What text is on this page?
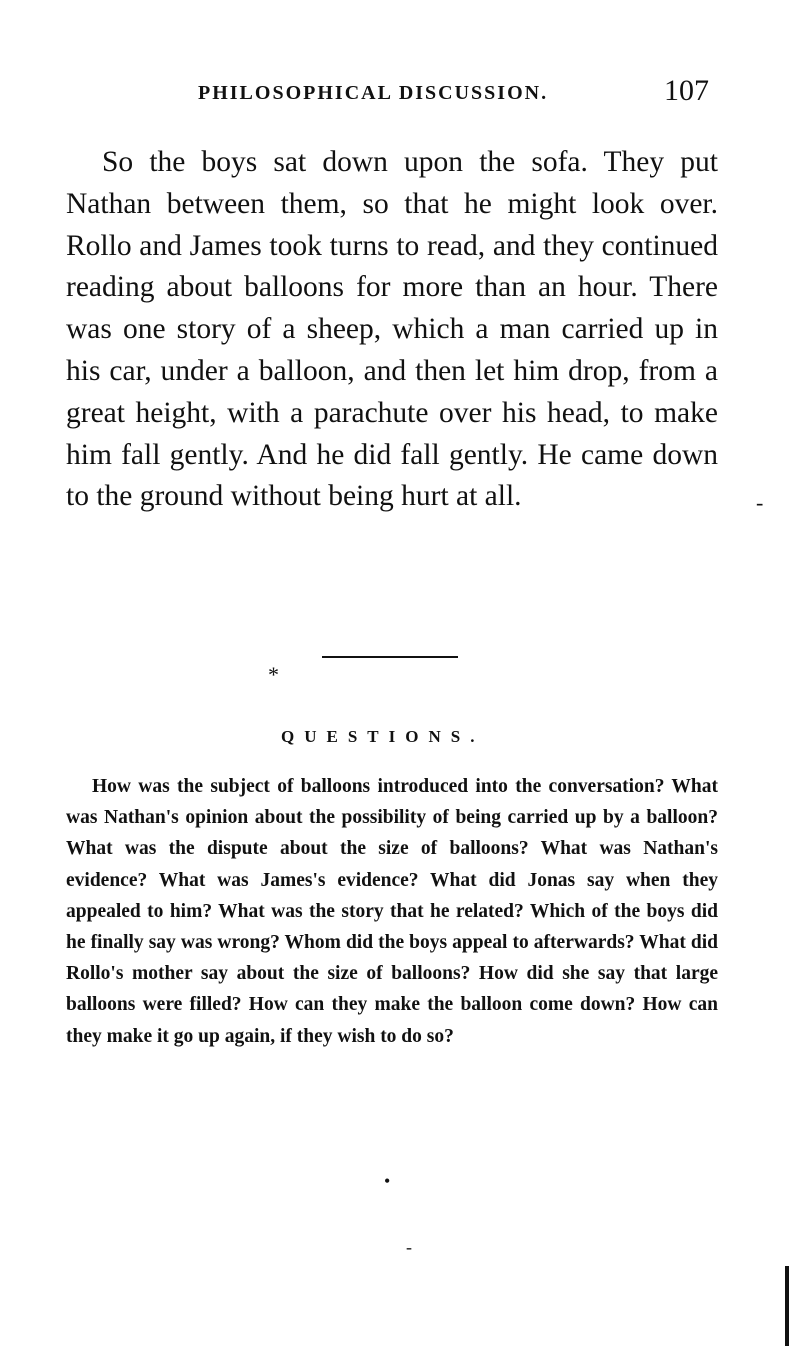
PHILOSOPHICAL DISCUSSION.	107

So the boys sat down upon the sofa. They put Nathan between them, so that he might look over. Rollo and James took turns to read, and they continued reading about balloons for more than an hour. There was one story of a sheep, which a man carried up in his car, under a balloon, and then let him drop, from a great height, with a parachute over his head, to make him fall gently. And he did fall gently. He came down to the ground without being hurt at all.	-
*
QUESTIONS.

How was the subject of balloons introduced into the conversation? What was Nathan's opinion about the possibility of being carried up by a balloon? What was the dispute about the size of balloons? What was Nathan's evidence? What was James's evidence? What did Jonas say when they appealed to him? What was the story that he related? Which of the boys did he finally say was wrong? Whom did the boys appeal to afterwards? What did Rollo's mother say about the size of balloons? How did she say that large balloons were filled? How can they make the balloon come down? How can they make it go up again, if they wish to do so?

•
-
